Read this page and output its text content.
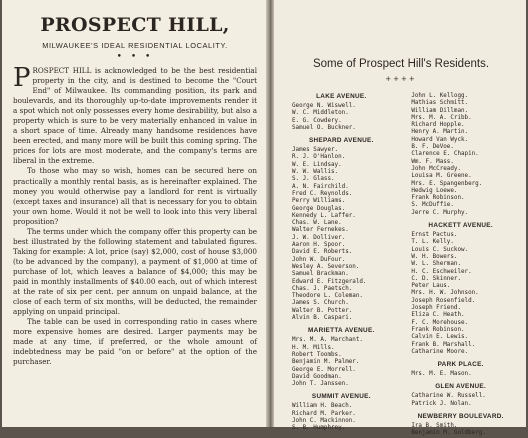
PROSPECT HILL,
MILWAUKEE'S IDEAL RESIDENTIAL LOCALITY.
• • •

PROSPECT HILL is acknowledged to be the best residential property in the city, and is destined to become the "Court End" of Milwaukee. Its commanding position, its park and boulevards, and its thoroughly up-to-date improvements render it a spot which not only possesses every home desirability, but also a property which is sure to be very materially enhanced in value in a short space of time. Already many handsome residences have been erected, and many more will be built this coming spring. The prices for lots are most moderate, and the company's terms are liberal in the extreme.

To those who may so wish, homes can be secured here on practically a monthly rental basis, as is hereinafter explained. The money you would otherwise pay a landlord for rent is virtually (except taxes and insurance) all that is necessary for you to obtain your own home. Would it not be well to look into this very liberal proposition?

The terms under which the company offer this property can be best illustrated by the following statement and tabulated figures. Taking for example: A lot, price (say) $2,000, cost of house $3,000 (to be advanced by the company), a payment of $1,000 at time of purchase of lot, which leaves a balance of $4,000; this may be paid in monthly installments of $40.00 each, out of which interest at the rate of six per cent. per annum on unpaid balance, at the close of each term of six months, will be deducted, the remainder applying on unpaid principal.

The table can be used in corresponding ratio in cases where more expensive homes are desired. Larger payments may be made at any time, if preferred, or the whole amount of indebtedness may be paid "on or before" at the option of the purchaser.

Some of Prospect Hill's Residents.
++++
LAKE AVENUE.
George N. Wiswell.
W. C. Middleton.
E. G. Cowdery.
Samuel O. Buckner.
SHEPARD AVENUE.
James Sawyer.
R. J. O'Hanlon.
W. E. Lindsay.
W. W. Wallis.
S. J. Glass.
A. N. Fairchild.
Fred C. Reynolds.
Perry Williams.
George Douglas.
Kennedy L. Laffer.
Chas. W. Lane.
Walter Fernekes.
J. W. Dolliver.
Aaron H. Spoor.
David E. Roberts.
John W. DuFour.
Wesley A. Severson.
Samuel Brackman.
Edward E. Fitzgerald.
Chas. J. Paetsch.
Theodore L. Coleman.
James S. Church.
Walter B. Potter.
Alvin B. Caspari.
MARIETTA AVENUE.
Mrs. M. A. Marchant.
H. M. Mills.
Robert Toombs.
Benjamin M. Palmer.
George E. Morrell.
David Goodman.
John T. Janssen.
SUMMIT AVENUE.
William H. Beach.
Richard M. Parker.
John C. Mackinnon.
S. B. Humphrey.
John L. Kellogg.
Mathias Schmitt.
William Dillman.
Mrs. M. A. Cribb.
Richard Hopple.
Henry A. Martin.
Howard Van Wyck.
B. F. DeVoe.
Clarence E. Chapin.
Wm. F. Mass.
John McCready.
Louisa M. Greene.
Mrs. E. Spangenberg.
Hedwig Loewe.
Frank Robinson.
S. McDuffie.
Jerre C. Murphy.
HACKETT AVENUE.
Ernst Pactus.
T. L. Kelly.
Louis C. Suckow.
W. H. Bowers.
W. L. Sherman.
H. C. Eschweiler.
C. D. Skinner.
Peter Laus.
Mrs. H. W. Johnson.
Joseph Rosenfield.
Joseph Friend.
Eliza C. Heath.
F. C. Morehouse.
Frank Robinson.
Calvin E. Lewis.
Frank B. Marshall.
Catharine Moore.
PARK PLACE.
Mrs. M. E. Mason.
GLEN AVENUE.
Catharine W. Russell.
Patrick J. Nolan.
NEWBERRY BOULEVARD.
Ira B. Smith.
Benjamin M. Goldberg.
